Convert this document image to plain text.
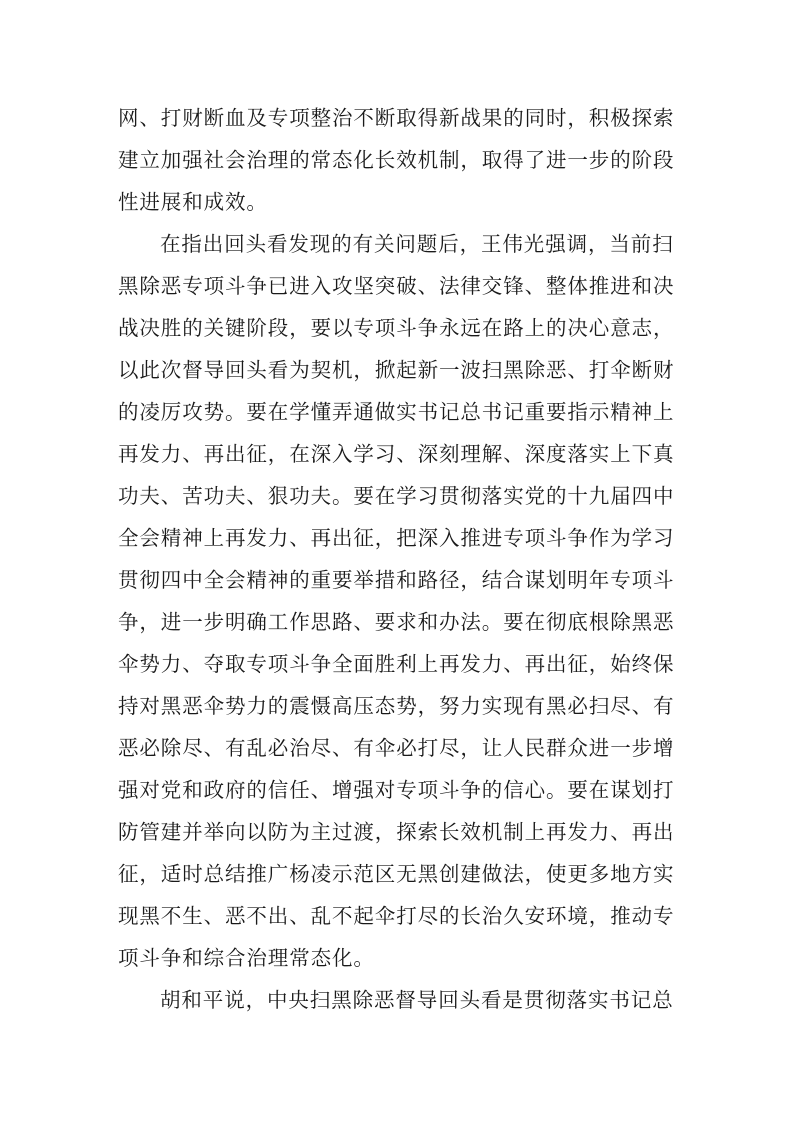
网、打财断血及专项整治不断取得新战果的同时，积极探索
建立加强社会治理的常态化长效机制，取得了进一步的阶段
性进展和成效。
在指出回头看发现的有关问题后，王伟光强调，当前扫
黑除恶专项斗争已进入攻坚突破、法律交锋、整体推进和决
战决胜的关键阶段，要以专项斗争永远在路上的决心意志，
以此次督导回头看为契机，掀起新一波扫黑除恶、打伞断财
的凌厉攻势。要在学懂弄通做实书记总书记重要指示精神上
再发力、再出征，在深入学习、深刻理解、深度落实上下真
功夫、苦功夫、狠功夫。要在学习贯彻落实党的十九届四中
全会精神上再发力、再出征，把深入推进专项斗争作为学习
贯彻四中全会精神的重要举措和路径，结合谋划明年专项斗
争，进一步明确工作思路、要求和办法。要在彻底根除黑恶
伞势力、夺取专项斗争全面胜利上再发力、再出征，始终保
持对黑恶伞势力的震慑高压态势，努力实现有黑必扫尽、有
恶必除尽、有乱必治尽、有伞必打尽，让人民群众进一步增
强对党和政府的信任、增强对专项斗争的信心。要在谋划打
防管建并举向以防为主过渡，探索长效机制上再发力、再出
征，适时总结推广杨凌示范区无黑创建做法，使更多地方实
现黑不生、恶不出、乱不起伞打尽的长治久安环境，推动专
项斗争和综合治理常态化。
胡和平说，中央扫黑除恶督导回头看是贯彻落实书记总
